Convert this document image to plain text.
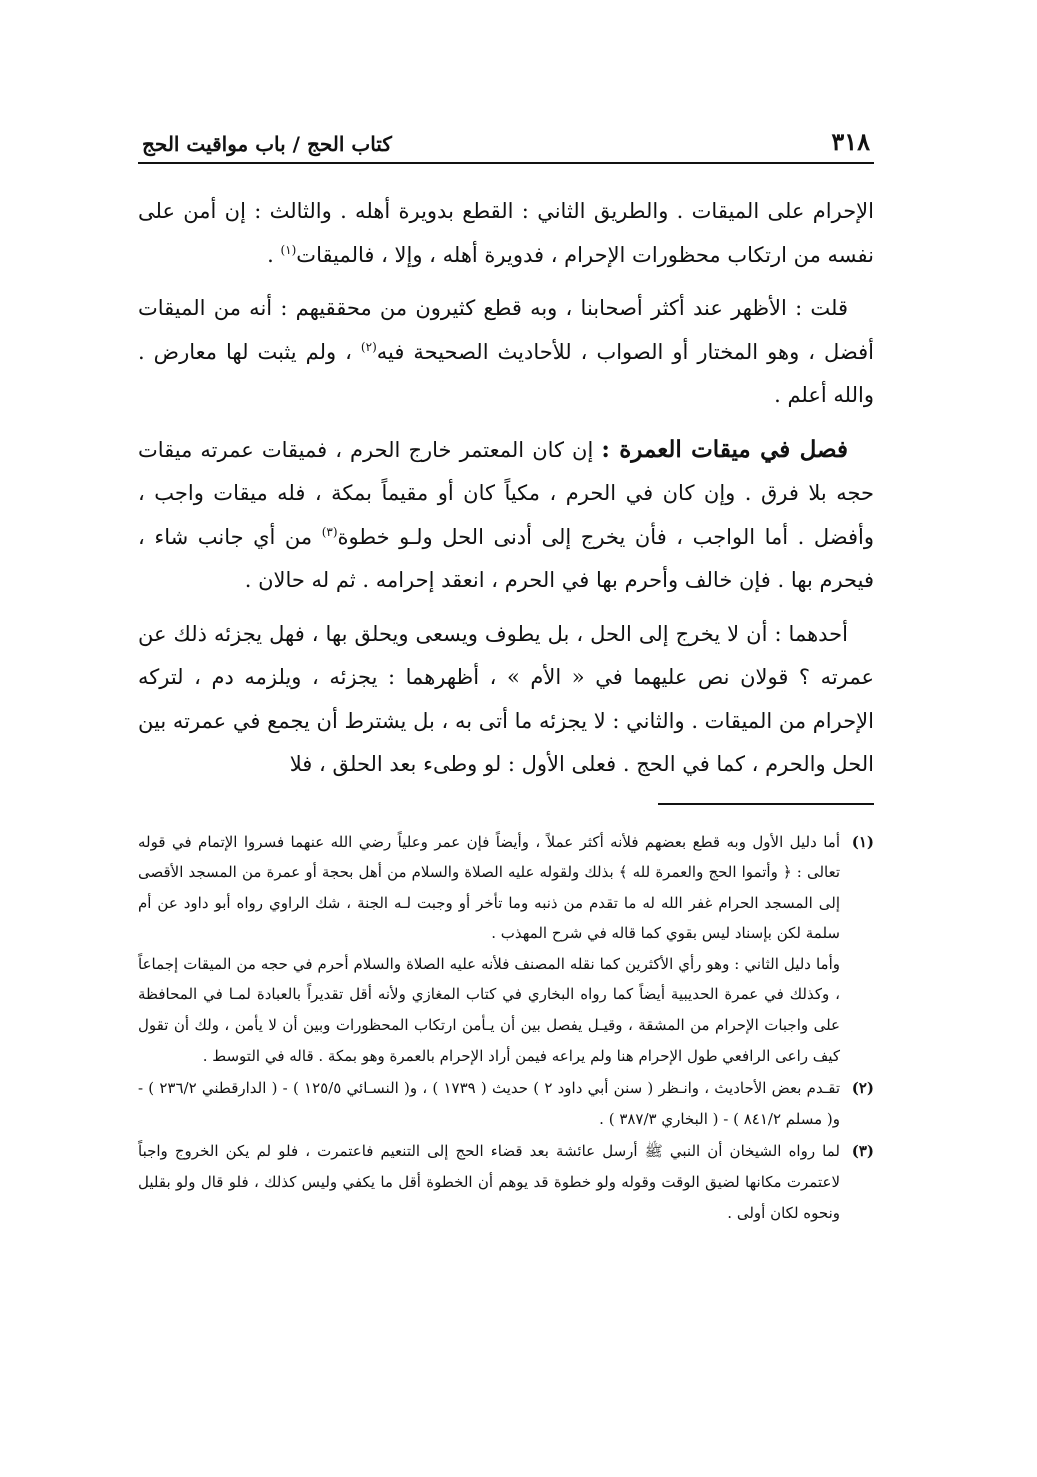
٣١٨
كتاب الحج / باب مواقيت الحج

الإحرام على الميقات . والطريق الثاني : القطع بدويرة أهله . والثالث : إن أمن على نفسه من ارتكاب محظورات الإحرام ، فدويرة أهله ، وإلا ، فالميقات$^{(١)}$ .

قلت : الأظهر عند أكثر أصحابنا ، وبه قطع كثيرون من محققيهم : أنه من الميقات أفضل ، وهو المختار أو الصواب ، للأحاديث الصحيحة فيه$^{(٢)}$ ، ولم يثبت لها معارض . والله أعلم .

فصل في ميقات العمرة : إن كان المعتمر خارج الحرم ، فميقات عمرته ميقات حجه بلا فرق . وإن كان في الحرم ، مكياً كان أو مقيماً بمكة ، فله ميقات واجب ، وأفضل . أما الواجب ، فأن يخرج إلى أدنى الحل ولـو خطوة$^{(٣)}$ من أي جانب شاء ، فيحرم بها . فإن خالف وأحرم بها في الحرم ، انعقد إحرامه . ثم له حالان .

أحدهما : أن لا يخرج إلى الحل ، بل يطوف ويسعى ويحلق بها ، فهل يجزئه ذلك عن عمرته ؟ قولان نص عليهما في « الأم » ، أظهرهما : يجزئه ، ويلزمه دم ، لتركه الإحرام من الميقات . والثاني : لا يجزئه ما أتى به ، بل يشترط أن يجمع في عمرته بين الحل والحرم ، كما في الحج . فعلى الأول : لو وطىء بعد الحلق ، فلا

(١)

أما دليل الأول وبه قطع بعضهم فلأنه أكثر عملاً ، وأيضاً فإن عمر وعلياً رضي الله عنهما فسروا الإتمام في قوله تعالى : ﴿ وأتموا الحج والعمرة لله ﴾ بذلك ولقوله عليه الصلاة والسلام من أهل بحجة أو عمرة من المسجد الأقصى إلى المسجد الحرام غفر الله له ما تقدم من ذنبه وما تأخر أو وجبت لـه الجنة ، شك الراوي رواه أبو داود عن أم سلمة لكن بإسناد ليس بقوي كما قاله في شرح المهذب .

وأما دليل الثاني : وهو رأي الأكثرين كما نقله المصنف فلأنه عليه الصلاة والسلام أحرم في حجه من الميقات إجماعاً ، وكذلك في عمرة الحديبية أيضاً كما رواه البخاري في كتاب المغازي ولأنه أقل تقديراً بالعبادة لمـا في المحافظة على واجبات الإحرام من المشقة ، وقيـل يفصل بين أن يـأمن ارتكاب المحظورات وبين أن لا يأمن ، ولك أن تقول كيف راعى الرافعي طول الإحرام هنا ولم يراعه فيمن أراد الإحرام بالعمرة وهو بمكة . قاله في التوسط .

(٢)

تقـدم بعض الأحاديث ، وانـظر ( سنن أبي داود ٢ ) حديث ( ١٧٣٩ ) ، و( النسـائي ١٢٥/٥ ) - ( الدارقطني ٢٣٦/٢ ) - و( مسلم ٨٤١/٢ ) - ( البخاري ٣٨٧/٣ ) .

(٣)

لما رواه الشيخان أن النبي ﷺ أرسل عائشة بعد قضاء الحج إلى التنعيم فاعتمرت ، فلو لم يكن الخروج واجباً لاعتمرت مكانها لضيق الوقت وقوله ولو خطوة قد يوهم أن الخطوة أقل ما يكفي وليس كذلك ، فلو قال ولو بقليل ونحوه لكان أولى .
